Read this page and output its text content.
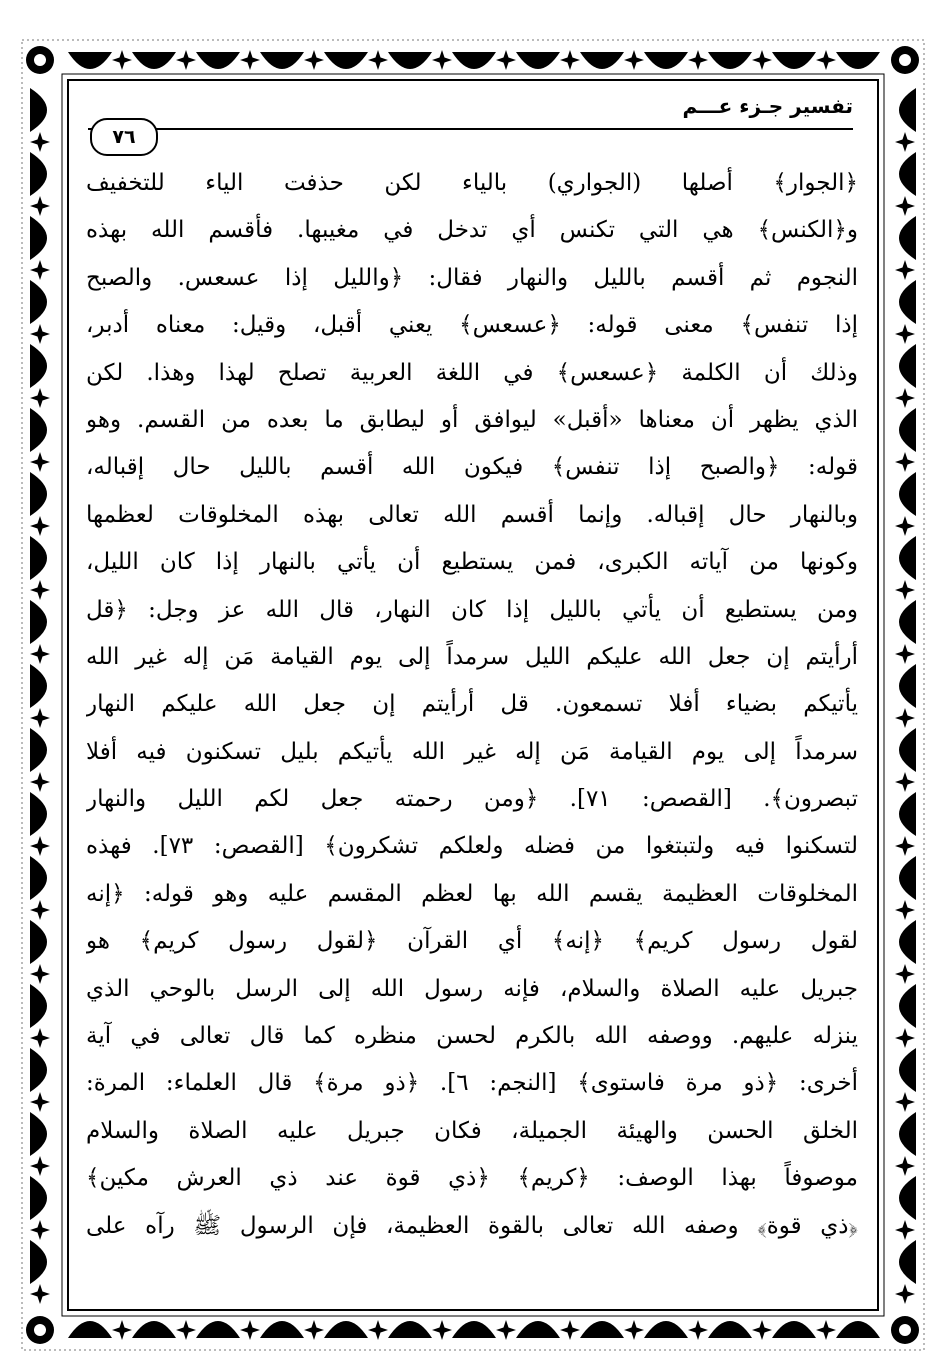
تفسير جـزء عـــم
٧٦
﴿الجوار﴾ أصلها (الجواري) بالياء لكن حذفت الياء للتخفيف
و﴿الكنس﴾ هي التي تكنس أي تدخل في مغيبها. فأقسم الله بهذه
النجوم ثم أقسم بالليل والنهار فقال: ﴿والليل إذا عسعس. والصبح
إذا تنفس﴾ معنى قوله: ﴿عسعس﴾ يعني أقبل، وقيل: معناه أدبر،
وذلك أن الكلمة ﴿عسعس﴾ في اللغة العربية تصلح لهذا وهذا. لكن
الذي يظهر أن معناها «أقبل» ليوافق أو ليطابق ما بعده من القسم. وهو
قوله: ﴿والصبح إذا تنفس﴾ فيكون الله أقسم بالليل حال إقباله،
وبالنهار حال إقباله. وإنما أقسم الله تعالى بهذه المخلوقات لعظمها
وكونها من آياته الكبرى، فمن يستطيع أن يأتي بالنهار إذا كان الليل،
ومن يستطيع أن يأتي بالليل إذا كان النهار، قال الله عز وجل: ﴿قل
أرأيتم إن جعل الله عليكم الليل سرمداً إلى يوم القيامة مَن إله غير الله
يأتيكم بضياء أفلا تسمعون. قل أرأيتم إن جعل الله عليكم النهار
سرمداً إلى يوم القيامة مَن إله غير الله يأتيكم بليل تسكنون فيه أفلا
تبصرون﴾. [القصص: ٧١]. ﴿ومن رحمته جعل لكم الليل والنهار
لتسكنوا فيه ولتبتغوا من فضله ولعلكم تشكرون﴾ [القصص: ٧٣]. فهذه
المخلوقات العظيمة يقسم الله بها لعظم المقسم عليه وهو قوله: ﴿إنه
لقول رسول كريم﴾ ﴿إنه﴾ أي القرآن ﴿لقول رسول كريم﴾ هو
جبريل عليه الصلاة والسلام، فإنه رسول الله إلى الرسل بالوحي الذي
ينزله عليهم. ووصفه الله بالكرم لحسن منظره كما قال تعالى في آية
أخرى: ﴿ذو مرة فاستوى﴾ [النجم: ٦]. ﴿ذو مرة﴾ قال العلماء: المرة:
الخلق الحسن والهيئة الجميلة، فكان جبريل عليه الصلاة والسلام
موصوفاً بهذا الوصف: ﴿كريم﴾ ﴿ذي قوة عند ذي العرش مكين﴾
﴿ذي قوة﴾ وصفه الله تعالى بالقوة العظيمة، فإن الرسول ﷺ رآه على
